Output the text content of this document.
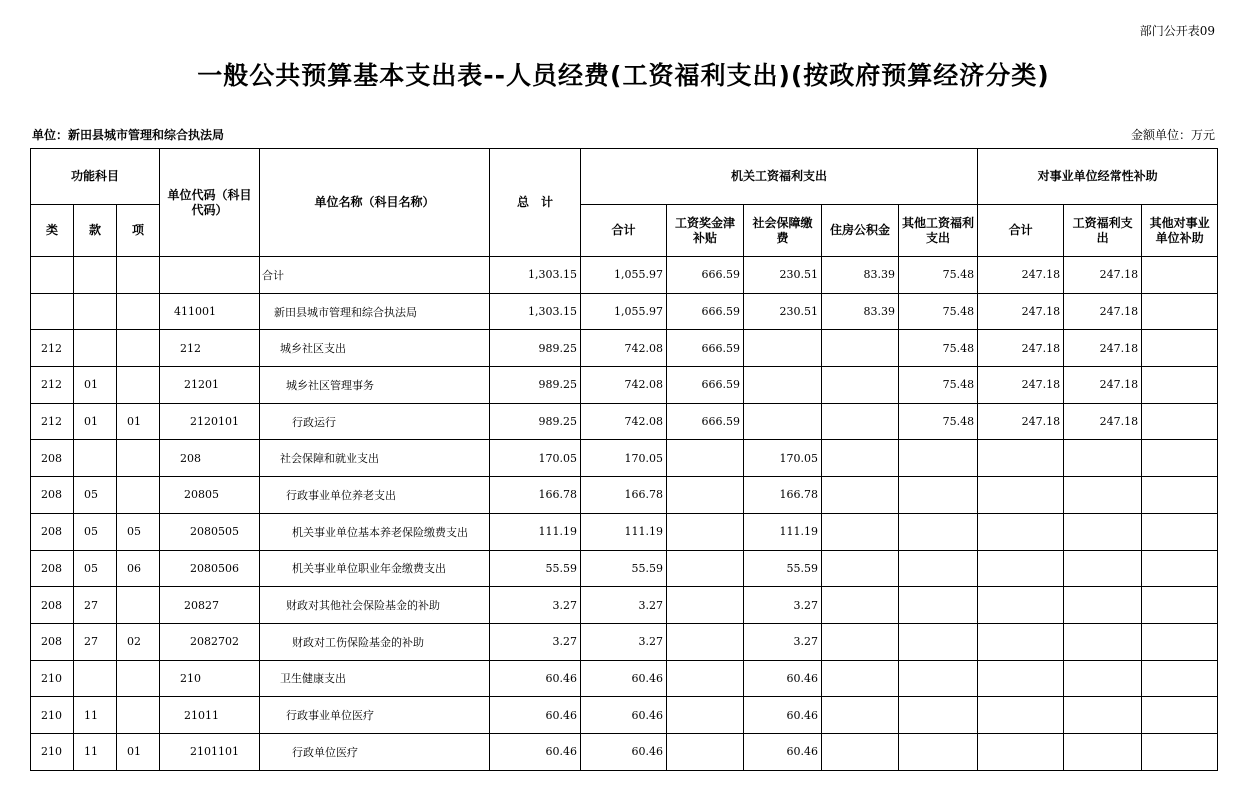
部门公开表09
一般公共预算基本支出表--人员经费(工资福利支出)(按政府预算经济分类)
单位：新田县城市管理和综合执法局	金额单位：万元
功能科目			单位代码（科目代码）	单位名称（科目名称）	总　计	机关工资福利支出					对事业单位经常性补助		
类	款	项				合计	工资奖金津补贴	社会保障缴费	住房公积金	其他工资福利支出	合计	工资福利支出	其他对事业单位补助
				合计	1,303.15	1,055.97	666.59	230.51	83.39	75.48	247.18	247.18	
			411001	新田县城市管理和综合执法局	1,303.15	1,055.97	666.59	230.51	83.39	75.48	247.18	247.18	
212			212	城乡社区支出	989.25	742.08	666.59			75.48	247.18	247.18	
212	01		21201	城乡社区管理事务	989.25	742.08	666.59			75.48	247.18	247.18	
212	01	01	2120101	行政运行	989.25	742.08	666.59			75.48	247.18	247.18	
208			208	社会保障和就业支出	170.05	170.05		170.05					
208	05		20805	行政事业单位养老支出	166.78	166.78		166.78					
208	05	05	2080505	机关事业单位基本养老保险缴费支出	111.19	111.19		111.19					
208	05	06	2080506	机关事业单位职业年金缴费支出	55.59	55.59		55.59					
208	27		20827	财政对其他社会保险基金的补助	3.27	3.27		3.27					
208	27	02	2082702	财政对工伤保险基金的补助	3.27	3.27		3.27					
210			210	卫生健康支出	60.46	60.46		60.46					
210	11		21011	行政事业单位医疗	60.46	60.46		60.46					
210	11	01	2101101	行政单位医疗	60.46	60.46		60.46					
